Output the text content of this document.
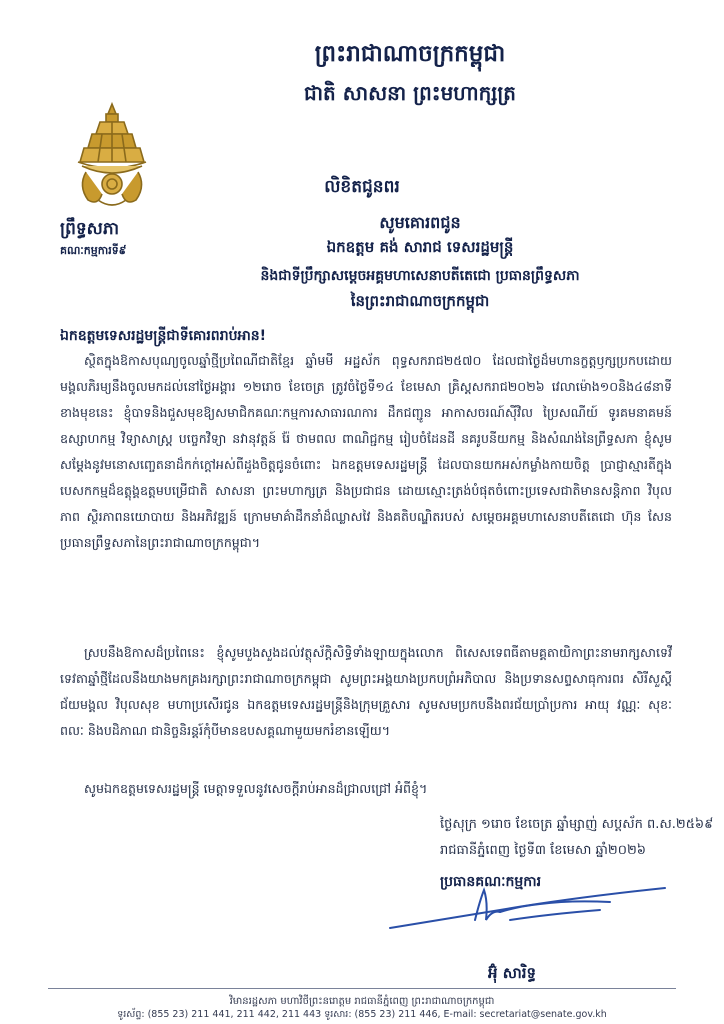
ព្រះរាជាណាចក្រកម្ពុជា
ជាតិ សាសនា ព្រះមហាក្សត្រ
ព្រឹទ្ធសភា
គណៈកម្មការទី៩
លិខិតជូនពរ
សូមគោរពជូន
ឯកឧត្តម គង់ សារាជ ទេសរដ្ឋមន្ត្រី
និងជាទីប្រឹក្សាសម្តេចអគ្គមហាសេនាបតីតេជោ ប្រធានព្រឹទ្ធសភា
នៃព្រះរាជាណាចក្រកម្ពុជា
ឯកឧត្តមទេសរដ្ឋមន្ត្រីជាទីគោរពរាប់អាន!
ស្ថិតក្នុងឱកាសបុណ្យចូលឆ្នាំថ្មីប្រពៃណីជាតិខ្មែរ ឆ្នាំមមី អដ្ឋស័ក ពុទ្ធសករាជ២៥៧០ ដែលជាថ្ងៃដ៏មហានក្ខត្តឫក្សប្រកបដោយមង្គលភិរម្យនឹងចូលមកដល់នៅថ្ងៃអង្គារ ១២រោច ខែចេត្រ ត្រូវចំថ្ងៃទី១៤ ខែមេសា គ្រិស្តសករាជ២០២៦ វេលាម៉ោង១០និង៤៨នាទី ខាងមុខនេះ ខ្ញុំបាទនិងជួសមុខឱ្យសមាជិកគណៈកម្មការសាធារណការ ដឹកជញ្ជូន អាកាសចរណ៍ស៊ីវិល ប្រៃសណីយ៍ ទូរគមនាគមន៍ ឧស្សាហកម្ម វិទ្យាសាស្ត្រ បច្ចេកវិទ្យា នវានុវត្តន៍ រ៉ែ ថាមពល ពាណិជ្ជកម្ម រៀបចំដែនដី នគរូបនីយកម្ម និងសំណង់នៃព្រឹទ្ធសភា ខ្ញុំសូមសម្តែងនូវមនោសញ្ចេតនាដ៏កក់ក្តៅអស់ពីដួងចិត្តជូនចំពោះ ឯកឧត្តមទេសរដ្ឋមន្ត្រី ដែលបានយកអស់កម្លាំងកាយចិត្ត ប្រាជ្ញាស្មារតីក្នុងបេសកកម្មដ៏ឧត្តុង្គឧត្តមបម្រើជាតិ សាសនា ព្រះមហាក្សត្រ និងប្រជាជន ដោយស្មោះត្រង់បំផុតចំពោះប្រទេសជាតិមានសន្តិភាព វិបុលភាព ស្ថិរភាពនយោបាយ និងអភិវឌ្ឍន៍ ក្រោមមាគ៌ាដឹកនាំដ៏ឈ្លាសវៃ និងគតិបណ្ឌិតរបស់ សម្តេចអគ្គមហាសេនាបតីតេជោ ហ៊ុន សែន ប្រធានព្រឹទ្ធសភានៃព្រះរាជាណាចក្រកម្ពុជា។
ស្របនឹងឱកាសដ៏ប្រពៃនេះ ខ្ញុំសូមបួងសួងដល់វត្ថុស័ក្តិសិទ្ធិទាំងឡាយក្នុងលោក ពិសេសទេពធីតាមគ្គតាយិកាព្រះនាមរាក្សសាទេវី ទេវតាឆ្នាំថ្មីដែលនឹងយាងមកគ្រងរក្សាព្រះរាជាណាចក្រកម្ពុជា សូមព្រះអង្គយាងប្រកបព្រំអភិបាល និងប្រទានសព្ទសាធុការពរ សិរីសួស្តី ជ័យមង្គល វិបុលសុខ មហាប្រសើរជូន ឯកឧត្តមទេសរដ្ឋមន្ត្រីនិងក្រុមគ្រួសារ សូមសមប្រកបនឹងពរជ័យប្រាំប្រការ អាយុ វណ្ណៈ សុខៈ ពលៈ និងបដិភាណ ជានិច្ចនិរន្តរ៍កុំបីមានឧបសគ្គណាមួយមករំខានឡើយ។
សូមឯកឧត្តមទេសរដ្ឋមន្ត្រី មេត្តាទទួលនូវសេចក្តីរាប់អានដ៏ជ្រាលជ្រៅ អំពីខ្ញុំ។
ថ្ងៃសុក្រ ១រោច ខែចេត្រ ឆ្នាំម្សាញ់ សប្តស័ក ព.ស.២៥៦៩
រាជធានីភ្នំពេញ ថ្ងៃទី៣ ខែមេសា ឆ្នាំ២០២៦
ប្រធានគណៈកម្មការ
អ៊ុំ សារិទ្ធ
វិមានរដ្ឋសភា មហាវិថីព្រះនរោត្តម រាជធានីភ្នំពេញ ព្រះរាជាណាចក្រកម្ពុជា
ទូរស័ព្ទ: (855 23) 211 441, 211 442, 211 443 ទូរសារ: (855 23) 211 446, E-mail: secretariat@senate.gov.kh
